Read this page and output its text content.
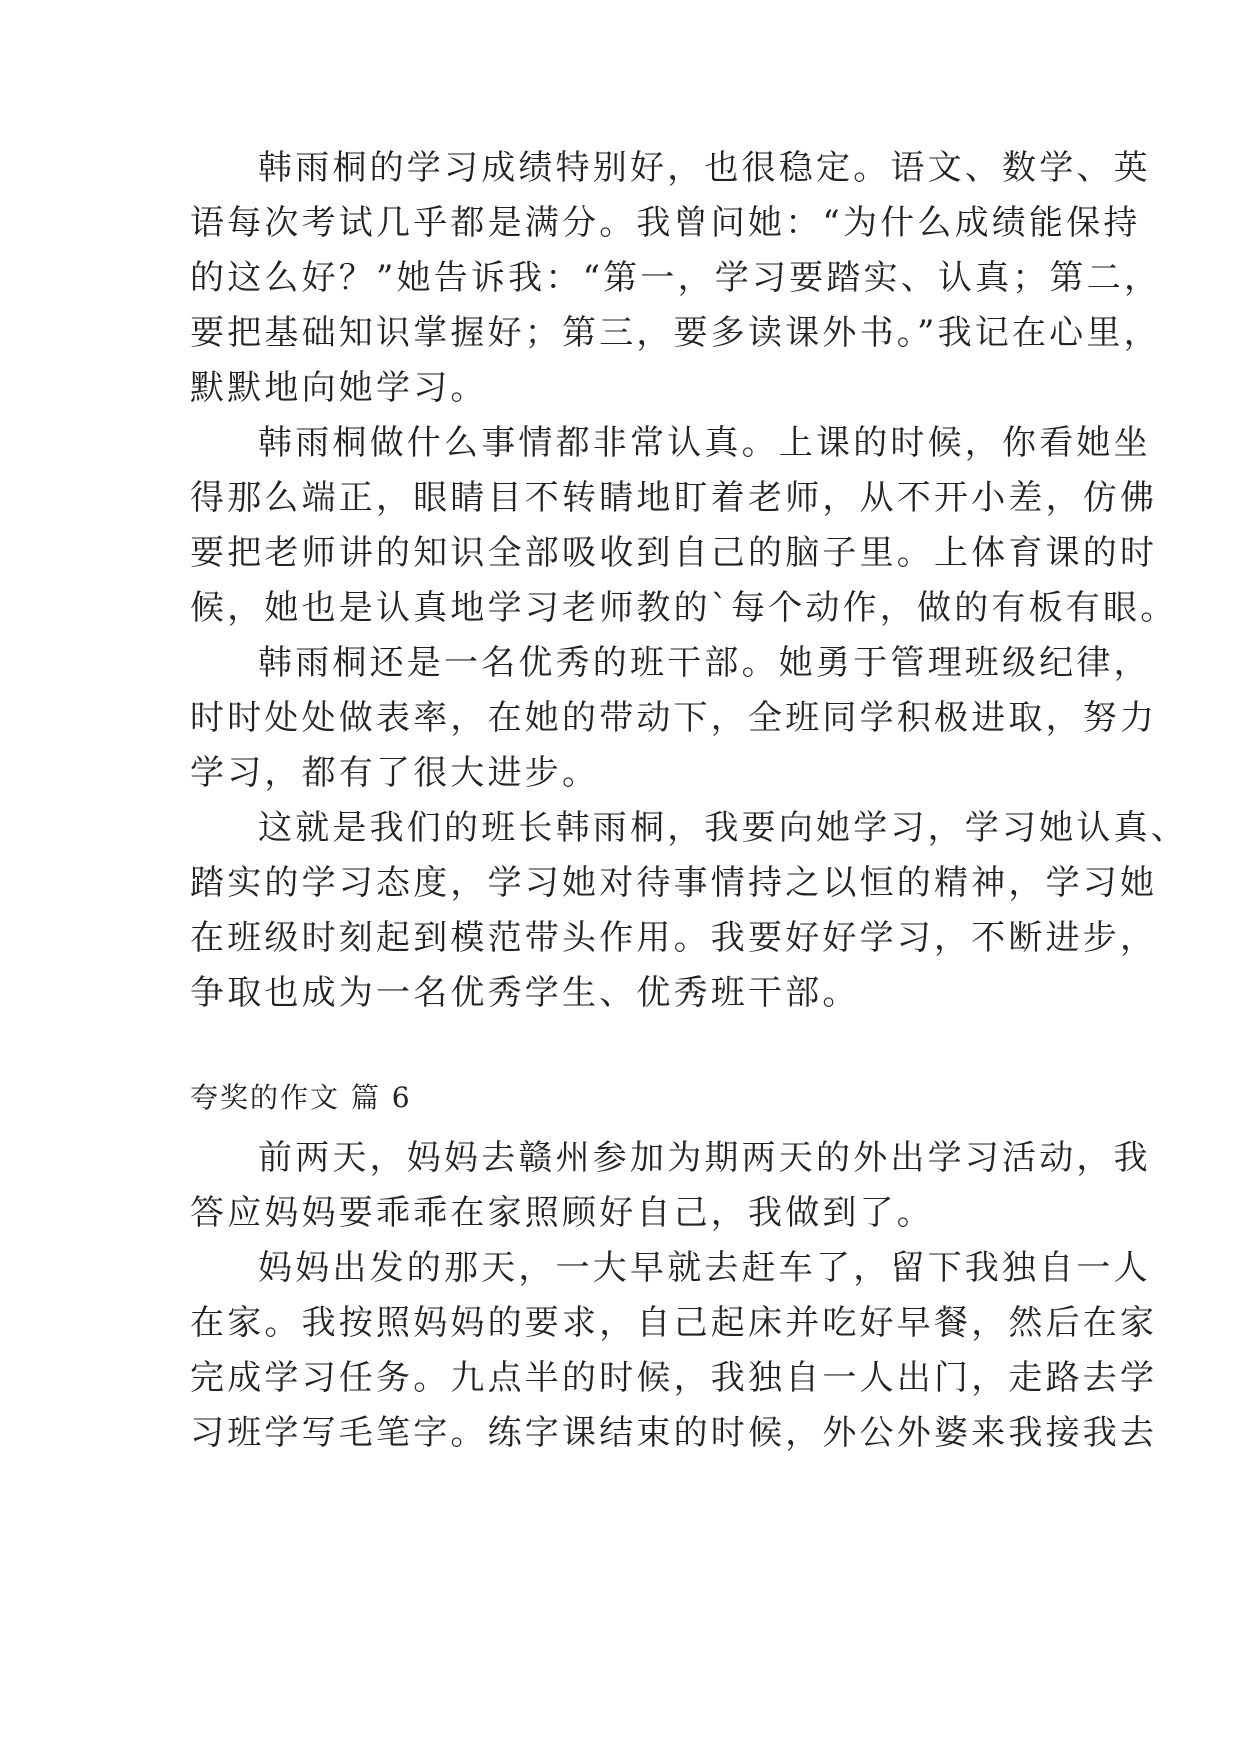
韩雨桐的学习成绩特别好，也很稳定。语文、数学、英
语每次考试几乎都是满分。我曾问她：“为什么成绩能保持
的这么好？”她告诉我：“第一，学习要踏实、认真；第二，
要把基础知识掌握好；第三，要多读课外书。”我记在心里，
默默地向她学习。
韩雨桐做什么事情都非常认真。上课的时候，你看她坐
得那么端正，眼睛目不转睛地盯着老师，从不开小差，仿佛
要把老师讲的知识全部吸收到自己的脑子里。上体育课的时
候，她也是认真地学习老师教的`每个动作，做的有板有眼。
韩雨桐还是一名优秀的班干部。她勇于管理班级纪律，
时时处处做表率，在她的带动下，全班同学积极进取，努力
学习，都有了很大进步。
这就是我们的班长韩雨桐，我要向她学习，学习她认真、
踏实的学习态度，学习她对待事情持之以恒的精神，学习她
在班级时刻起到模范带头作用。我要好好学习，不断进步，
争取也成为一名优秀学生、优秀班干部。
夸奖的作文 篇 6
前两天，妈妈去赣州参加为期两天的外出学习活动，我
答应妈妈要乖乖在家照顾好自己，我做到了。
妈妈出发的那天，一大早就去赶车了，留下我独自一人
在家。我按照妈妈的要求，自己起床并吃好早餐，然后在家
完成学习任务。九点半的时候，我独自一人出门，走路去学
习班学写毛笔字。练字课结束的时候，外公外婆来我接我去
